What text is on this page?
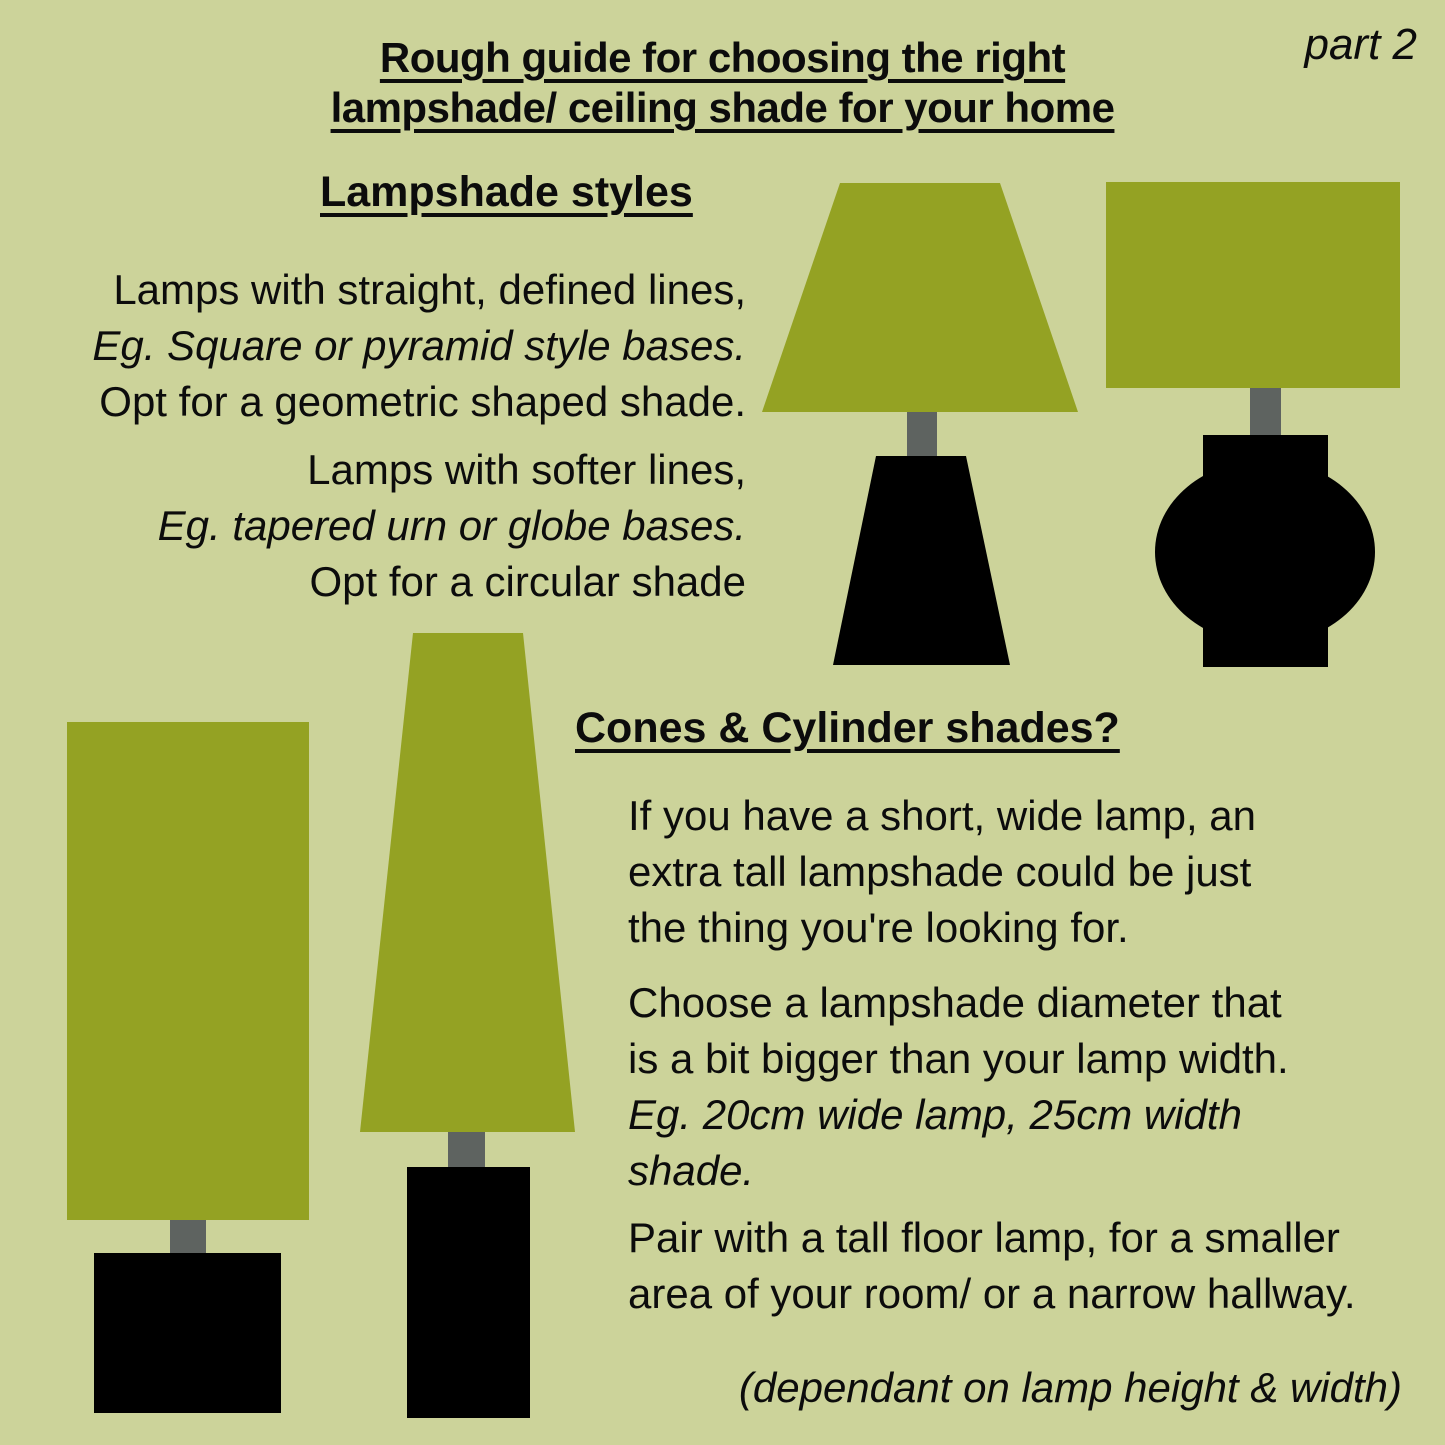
part 2
Rough guide for choosing the right
lampshade/ ceiling shade for your home
Lampshade styles
Lamps with straight, defined lines,
Eg. Square or pyramid style bases.
Opt for a geometric shaped shade.
Lamps with softer lines,
Eg. tapered urn or globe bases.
Opt for a circular shade
Cones & Cylinder shades?
If you have a short, wide lamp, an
extra tall lampshade could be just
the thing you're looking for.
Choose a lampshade diameter that
is a bit bigger than your lamp width.
Eg. 20cm wide lamp, 25cm width
shade.
Pair with a tall floor lamp, for a smaller
area of your room/ or a narrow hallway.
(dependant on lamp height & width)
